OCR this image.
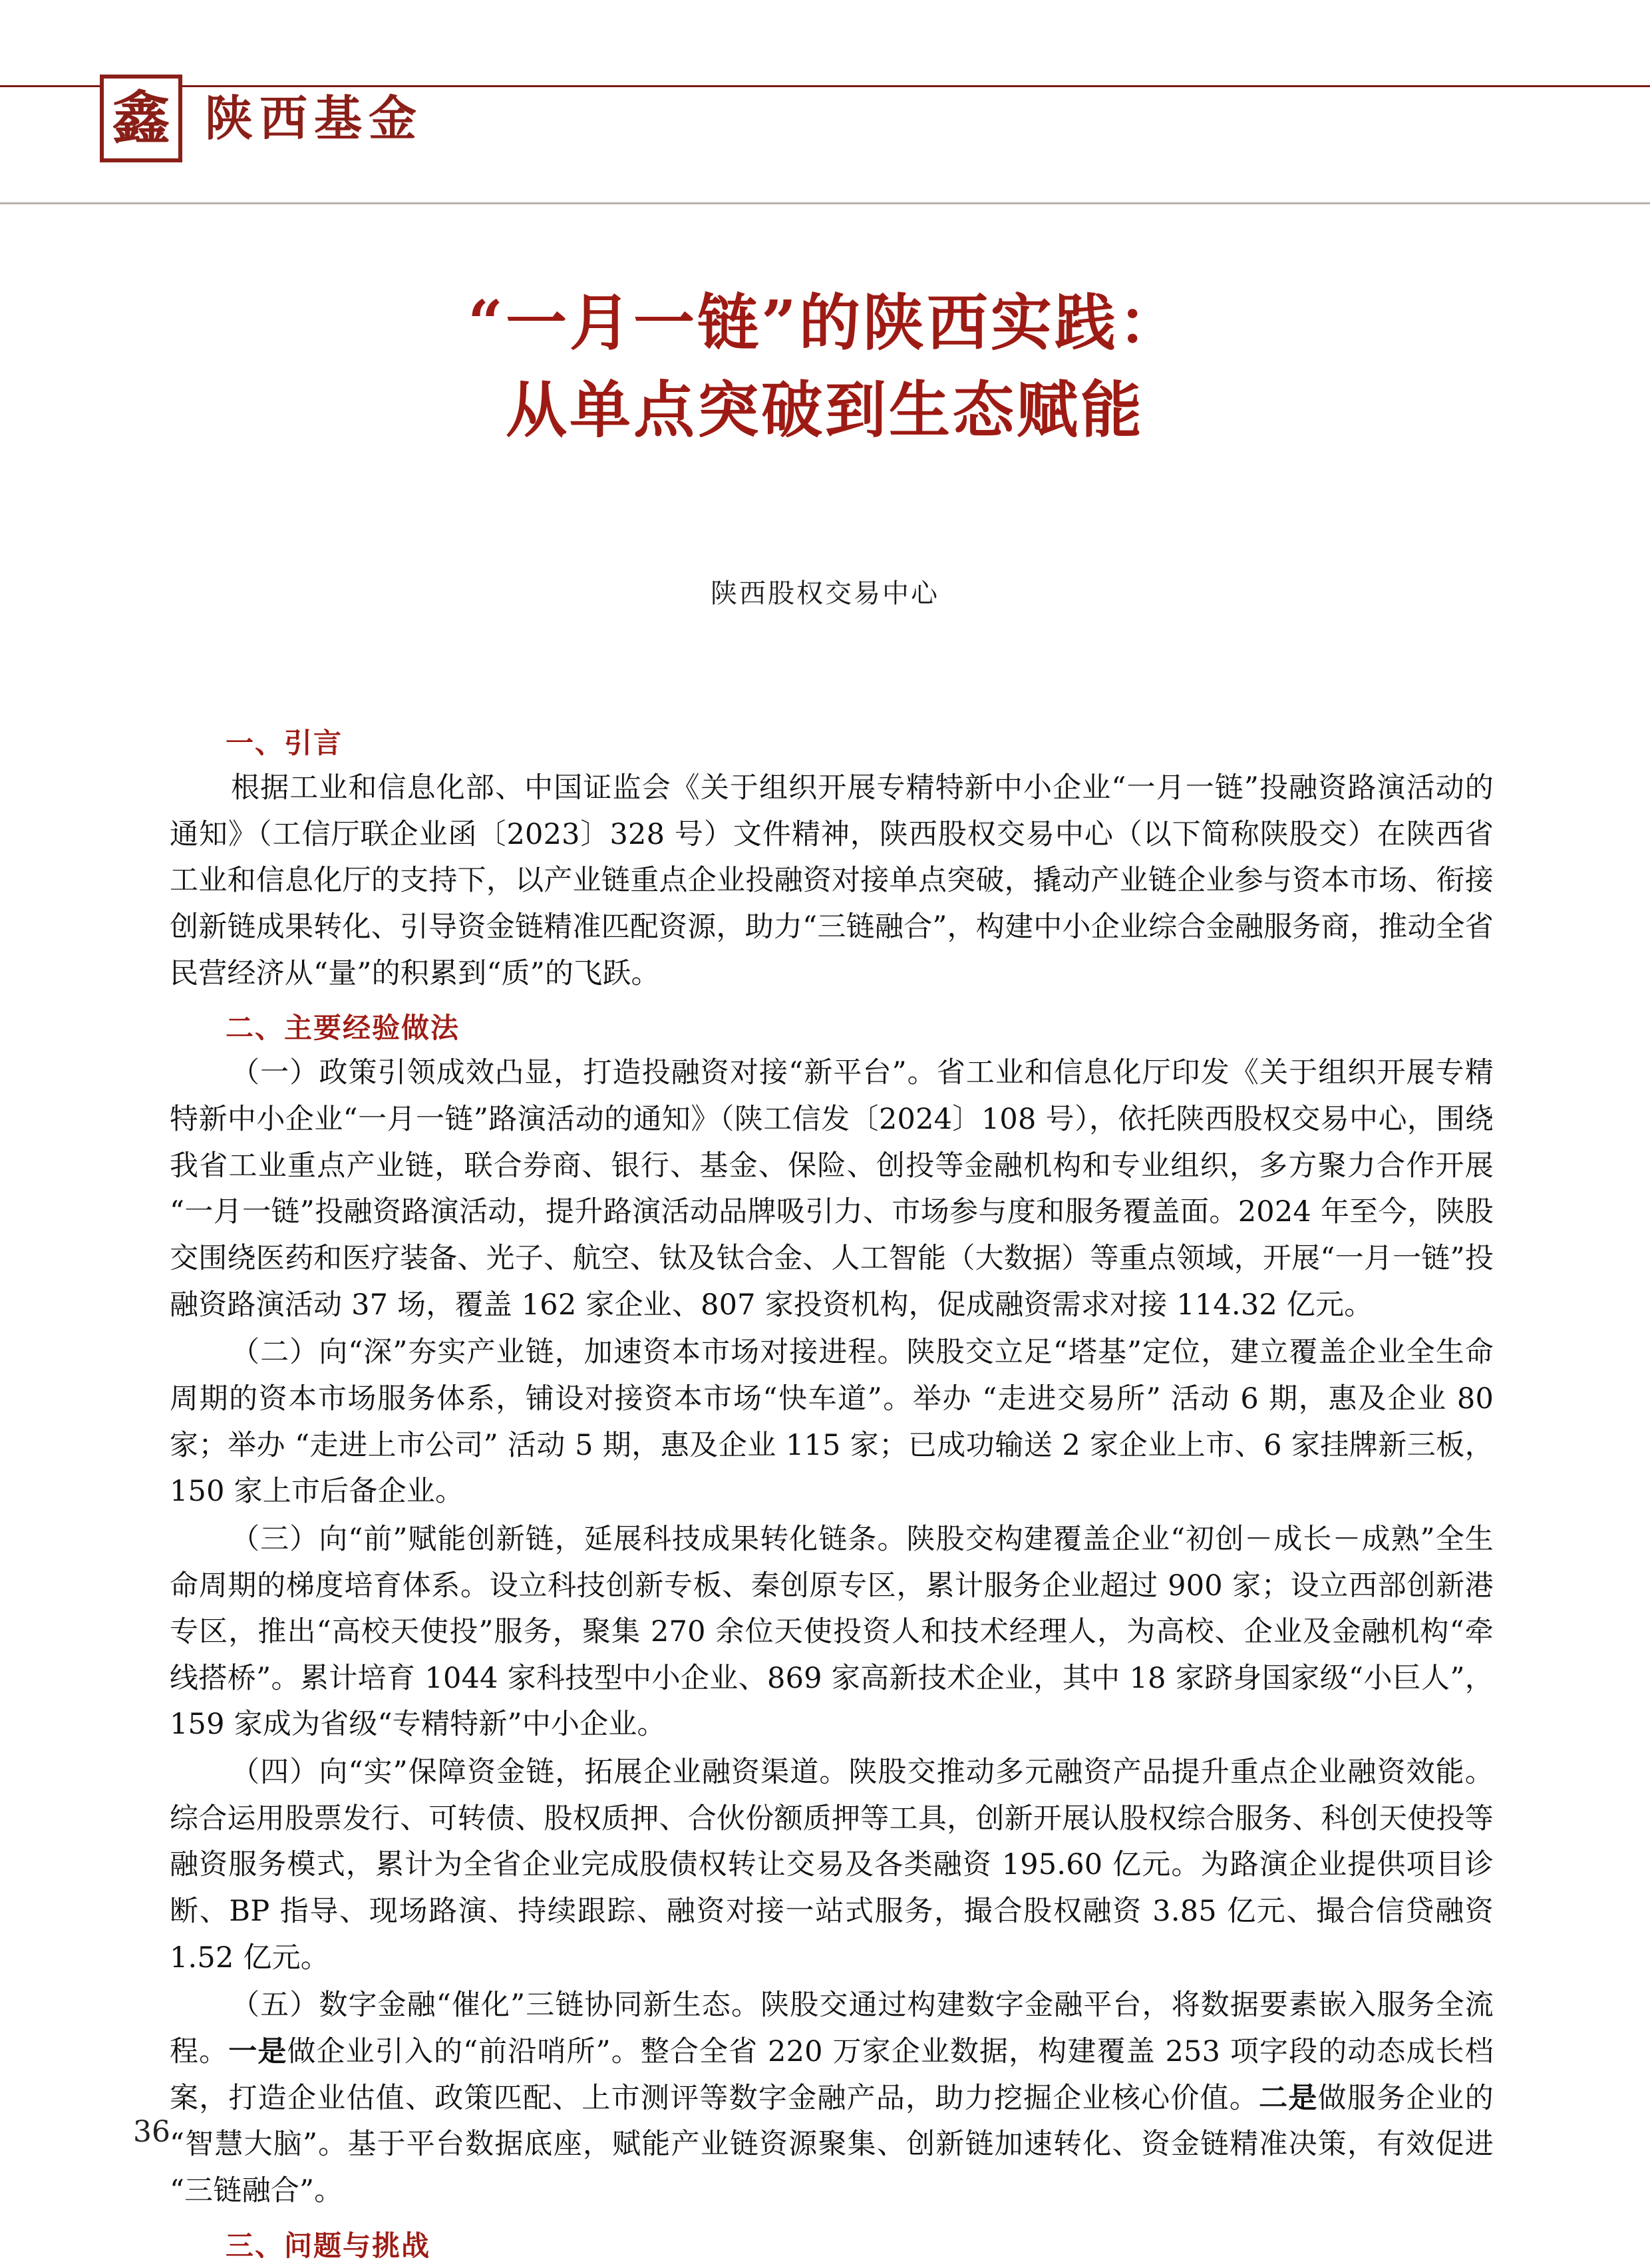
鑫 陕西基金
“一月一链”的陕西实践：
从单点突破到生态赋能
陕西股权交易中心
一、引言

根据工业和信息化部、中国证监会《关于组织开展专精特新中小企业“一月一链”投融资路演活动的通知》（工信厅联企业函〔2023〕328 号）文件精神，陕西股权交易中心（以下简称陕股交）在陕西省工业和信息化厅的支持下，以产业链重点企业投融资对接单点突破，撬动产业链企业参与资本市场、衔接创新链成果转化、引导资金链精准匹配资源，助力“三链融合”，构建中小企业综合金融服务商，推动全省民营经济从“量”的积累到“质”的飞跃。

二、主要经验做法

（一）政策引领成效凸显，打造投融资对接“新平台”。省工业和信息化厅印发《关于组织开展专精特新中小企业“一月一链”路演活动的通知》（陕工信发〔2024〕108 号），依托陕西股权交易中心，围绕我省工业重点产业链，联合券商、银行、基金、保险、创投等金融机构和专业组织，多方聚力合作开展“一月一链”投融资路演活动，提升路演活动品牌吸引力、市场参与度和服务覆盖面。2024 年至今，陕股交围绕医药和医疗装备、光子、航空、钛及钛合金、人工智能（大数据）等重点领域，开展“一月一链”投融资路演活动 37 场，覆盖 162 家企业、807 家投资机构，促成融资需求对接 114.32 亿元。

（二）向“深”夯实产业链，加速资本市场对接进程。陕股交立足“塔基”定位，建立覆盖企业全生命周期的资本市场服务体系，铺设对接资本市场“快车道”。举办 “走进交易所” 活动 6 期，惠及企业 80 家；举办 “走进上市公司” 活动 5 期，惠及企业 115 家；已成功输送 2 家企业上市、6 家挂牌新三板，150 家上市后备企业。

（三）向“前”赋能创新链，延展科技成果转化链条。陕股交构建覆盖企业“初创－成长－成熟”全生命周期的梯度培育体系。设立科技创新专板、秦创原专区，累计服务企业超过 900 家；设立西部创新港专区，推出“高校天使投”服务，聚集 270 余位天使投资人和技术经理人，为高校、企业及金融机构“牵线搭桥”。累计培育 1044 家科技型中小企业、869 家高新技术企业，其中 18 家跻身国家级“小巨人”，159 家成为省级“专精特新”中小企业。

（四）向“实”保障资金链，拓展企业融资渠道。陕股交推动多元融资产品提升重点企业融资效能。综合运用股票发行、可转债、股权质押、合伙份额质押等工具，创新开展认股权综合服务、科创天使投等融资服务模式，累计为全省企业完成股债权转让交易及各类融资 195.60 亿元。为路演企业提供项目诊断、BP 指导、现场路演、持续跟踪、融资对接一站式服务，撮合股权融资 3.85 亿元、撮合信贷融资 1.52 亿元。

（五）数字金融“催化”三链协同新生态。陕股交通过构建数字金融平台，将数据要素嵌入服务全流程。一是做企业引入的“前沿哨所”。整合全省 220 万家企业数据，构建覆盖 253 项字段的动态成长档案，打造企业估值、政策匹配、上市测评等数字金融产品，助力挖掘企业核心价值。二是做服务企业的“智慧大脑”。基于平台数据底座，赋能产业链资源聚集、创新链加速转化、资金链精准决策，有效促进“三链融合”。

三、问题与挑战
36
